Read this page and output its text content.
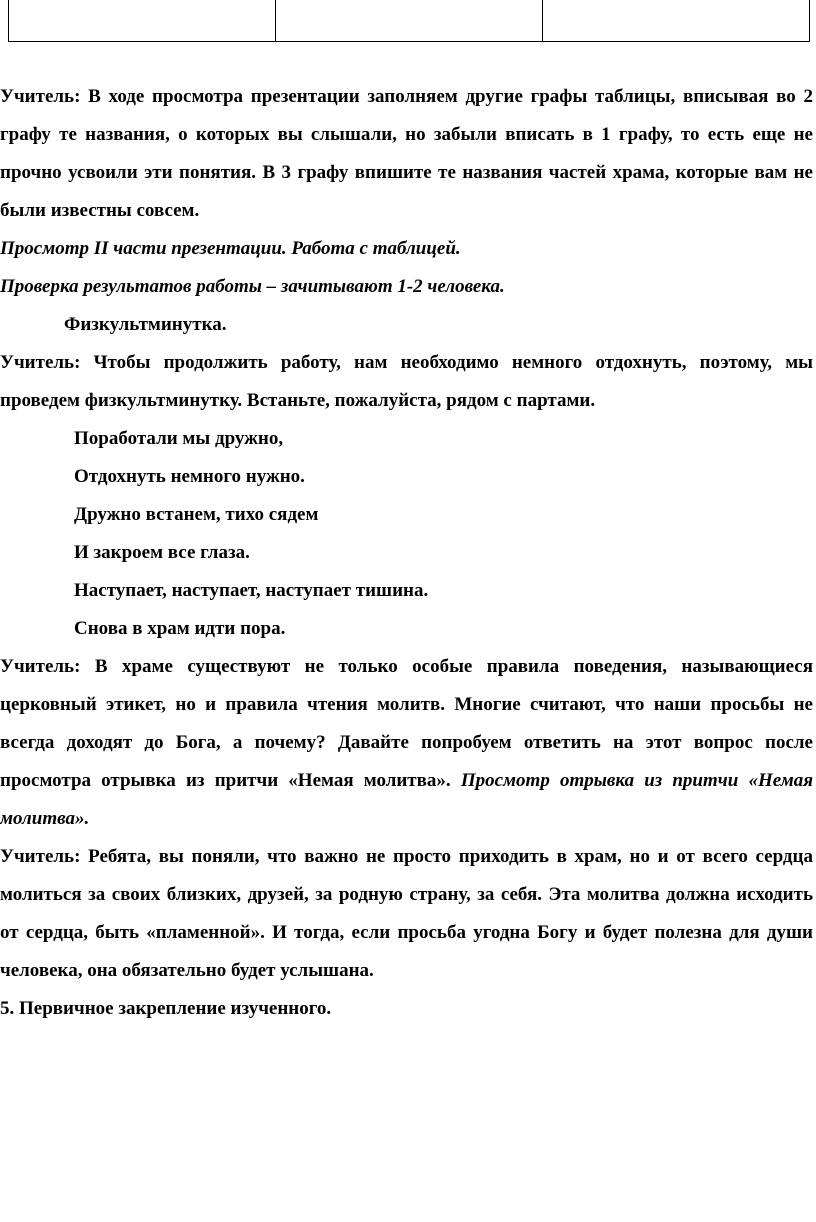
Учитель: В ходе просмотра презентации заполняем другие графы таблицы, вписывая во 2 графу те названия, о которых вы слышали, но забыли вписать в 1 графу, то есть еще не прочно усвоили эти понятия. В 3 графу впишите те названия частей храма, которые вам не были известны совсем.

Просмотр II части презентации. Работа с таблицей.

Проверка результатов работы – зачитывают 1-2 человека.

Физкультминутка.

Учитель: Чтобы продолжить работу, нам необходимо немного отдохнуть, поэтому, мы проведем физкультминутку. Встаньте, пожалуйста, рядом с партами.

Поработали мы дружно,

Отдохнуть немного нужно.

Дружно встанем, тихо сядем

И закроем все глаза.

Наступает, наступает, наступает тишина.

Снова в храм идти пора.

Учитель: В храме существуют не только особые правила поведения, называющиеся церковный этикет, но и правила чтения молитв. Многие считают, что наши просьбы не всегда доходят до Бога, а почему? Давайте попробуем ответить на этот вопрос после просмотра отрывка из притчи «Немая молитва». Просмотр отрывка из притчи «Немая молитва».

Учитель: Ребята, вы поняли, что важно не просто приходить в храм, но и от всего сердца молиться за своих близких, друзей, за родную страну, за себя. Эта молитва должна исходить от сердца, быть «пламенной». И тогда, если просьба угодна Богу и будет полезна для души человека, она обязательно будет услышана.

5. Первичное закрепление изученного.
